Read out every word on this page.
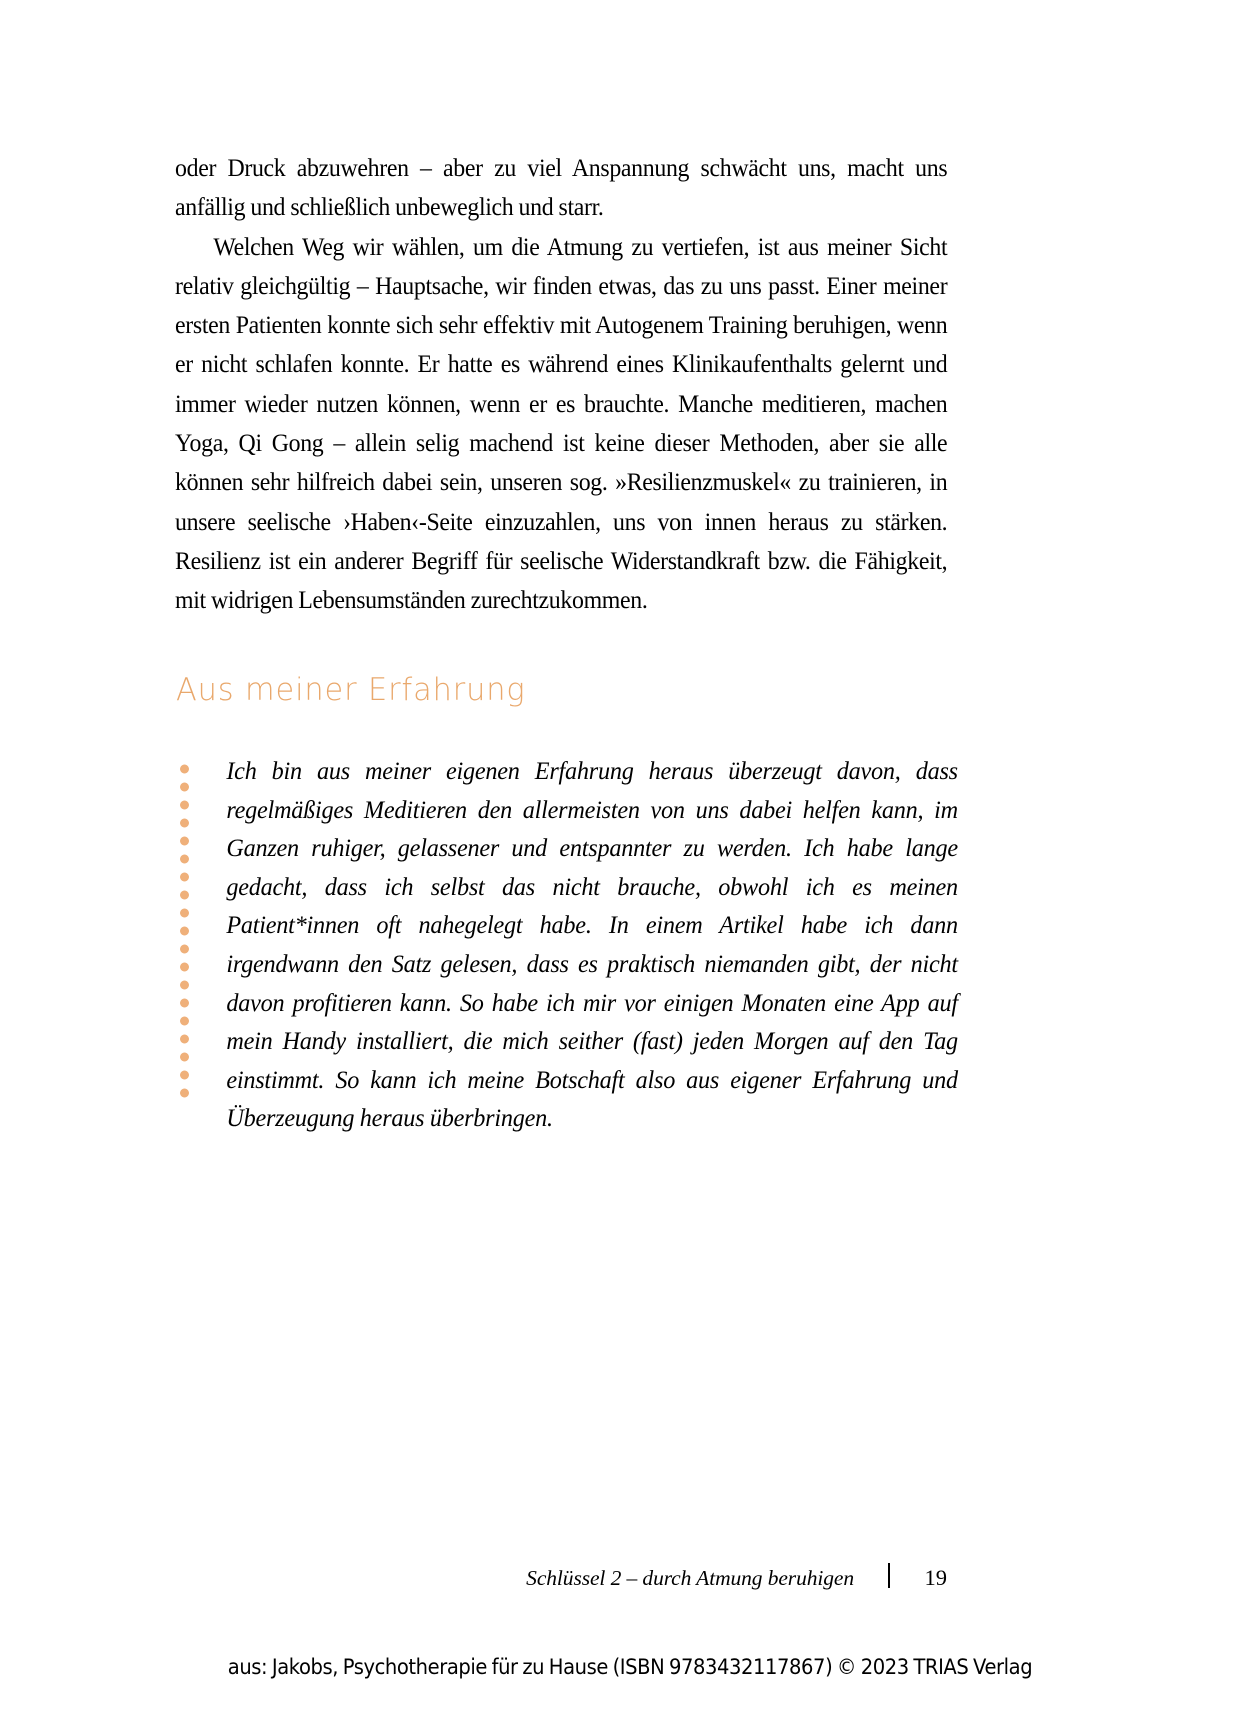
oder Druck abzuwehren – aber zu viel Anspannung schwächt uns, macht uns anfällig und schließlich unbeweglich und starr.

Welchen Weg wir wählen, um die Atmung zu vertiefen, ist aus meiner Sicht relativ gleichgültig – Hauptsache, wir finden etwas, das zu uns passt. Einer meiner ersten Patienten konnte sich sehr effektiv mit Autogenem Training beruhigen, wenn er nicht schlafen konnte. Er hatte es während eines Klinikaufenthalts gelernt und immer wieder nutzen können, wenn er es brauchte. Manche meditieren, machen Yoga, Qi Gong – allein selig machend ist keine dieser Methoden, aber sie alle können sehr hilfreich dabei sein, unseren sog. »Resilienzmuskel« zu trainieren, in unsere seelische ›Haben‹-Seite einzuzahlen, uns von innen heraus zu stärken. Resilienz ist ein anderer Begriff für seelische Widerstandkraft bzw. die Fähigkeit, mit widrigen Lebensumständen zurechtzukommen.

Aus meiner Erfahrung

Ich bin aus meiner eigenen Erfahrung heraus überzeugt davon, dass regelmäßiges Meditieren den allermeisten von uns dabei helfen kann, im Ganzen ruhiger, gelassener und entspannter zu werden. Ich habe lange gedacht, dass ich selbst das nicht brauche, obwohl ich es meinen Patient*innen oft nahegelegt habe. In einem Artikel habe ich dann irgendwann den Satz gelesen, dass es praktisch niemanden gibt, der nicht davon profitieren kann. So habe ich mir vor einigen Monaten eine App auf mein Handy installiert, die mich seither (fast) jeden Morgen auf den Tag einstimmt. So kann ich meine Botschaft also aus eigener Erfahrung und Überzeugung heraus überbringen.

Schlüssel 2 – durch Atmung beruhigen	19
aus: Jakobs, Psychotherapie für zu Hause (ISBN 9783432117867) © 2023 TRIAS Verlag
